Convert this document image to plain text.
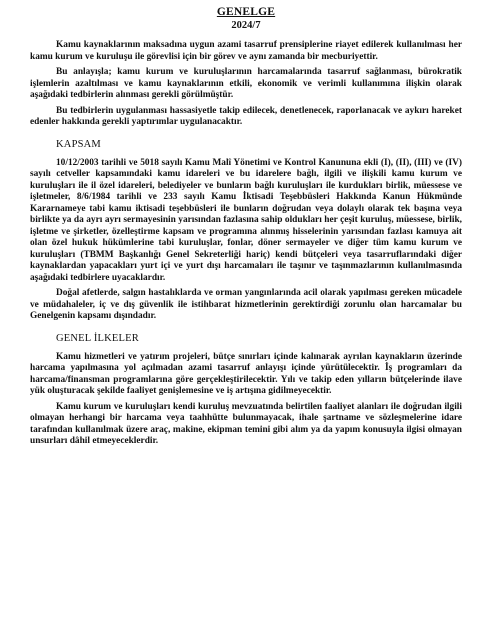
GENELGE
2024/7

Kamu kaynaklarının maksadına uygun azami tasarruf prensiplerine riayet edilerek kullanılması her kamu kurum ve kuruluşu ile görevlisi için bir görev ve aynı zamanda bir mecburiyettir.

Bu anlayışla; kamu kurum ve kuruluşlarının harcamalarında tasarruf sağlanması, bürokratik işlemlerin azaltılması ve kamu kaynaklarının etkili, ekonomik ve verimli kullanımına ilişkin olarak aşağıdaki tedbirlerin alınması gerekli görülmüştür.

Bu tedbirlerin uygulanması hassasiyetle takip edilecek, denetlenecek, raporlanacak ve aykırı hareket edenler hakkında gerekli yaptırımlar uygulanacaktır.

KAPSAM

10/12/2003 tarihli ve 5018 sayılı Kamu Malî Yönetimi ve Kontrol Kanununa ekli (I), (II), (III) ve (IV) sayılı cetveller kapsamındaki kamu idareleri ve bu idarelere bağlı, ilgili ve ilişkili kamu kurum ve kuruluşları ile il özel idareleri, belediyeler ve bunların bağlı kuruluşları ile kurdukları birlik, müessese ve işletmeler, 8/6/1984 tarihli ve 233 sayılı Kamu İktisadi Teşebbüsleri Hakkında Kanun Hükmünde Kararnameye tabi kamu iktisadi teşebbüsleri ile bunların doğrudan veya dolaylı olarak tek başına veya birlikte ya da ayrı ayrı sermayesinin yarısından fazlasına sahip oldukları her çeşit kuruluş, müessese, birlik, işletme ve şirketler, özelleştirme kapsam ve programına alınmış hisselerinin yarısından fazlası kamuya ait olan özel hukuk hükümlerine tabi kuruluşlar, fonlar, döner sermayeler ve diğer tüm kamu kurum ve kuruluşları (TBMM Başkanlığı Genel Sekreterliği hariç) kendi bütçeleri veya tasarruflarındaki diğer kaynaklardan yapacakları yurt içi ve yurt dışı harcamaları ile taşınır ve taşınmazlarının kullanılmasında aşağıdaki tedbirlere uyacaklardır.

Doğal afetlerde, salgın hastalıklarda ve orman yangınlarında acil olarak yapılması gereken mücadele ve müdahaleler, iç ve dış güvenlik ile istihbarat hizmetlerinin gerektirdiği zorunlu olan harcamalar bu Genelgenin kapsamı dışındadır.

GENEL İLKELER

Kamu hizmetleri ve yatırım projeleri, bütçe sınırları içinde kalınarak ayrılan kaynakların üzerinde harcama yapılmasına yol açılmadan azami tasarruf anlayışı içinde yürütülecektir. İş programları da harcama/finansman programlarına göre gerçekleştirilecektir. Yılı ve takip eden yılların bütçelerinde ilave yük oluşturacak şekilde faaliyet genişlemesine ve iş artışına gidilmeyecektir.

Kamu kurum ve kuruluşları kendi kuruluş mevzuatında belirtilen faaliyet alanları ile doğrudan ilgili olmayan herhangi bir harcama veya taahhütte bulunmayacak, ihale şartname ve sözleşmelerine idare tarafından kullanılmak üzere araç, makine, ekipman temini gibi alım ya da yapım konusuyla ilgisi olmayan unsurları dâhil etmeyeceklerdir.
